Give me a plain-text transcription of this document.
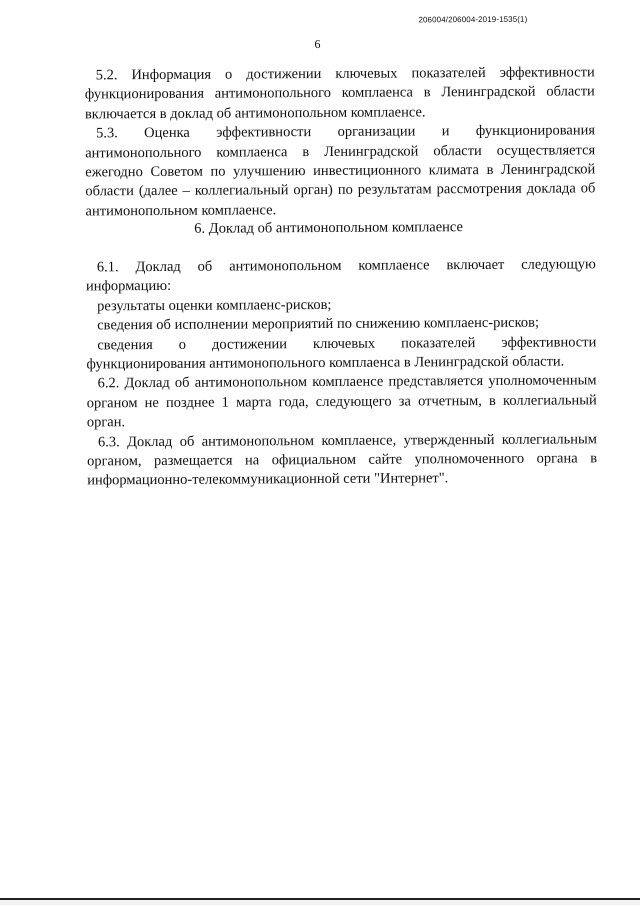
206004/206004-2019-1535(1)
6

5.2. Информация о достижении ключевых показателей эффективности функционирования антимонопольного комплаенса в Ленинградской области включается в доклад об антимонопольном комплаенсе.

5.3. Оценка эффективности организации и функционирования антимонопольного комплаенса в Ленинградской области осуществляется ежегодно Советом по улучшению инвестиционного климата в Ленинградской области (далее – коллегиальный орган) по результатам рассмотрения доклада об антимонопольном комплаенсе.

6. Доклад об антимонопольном комплаенсе

6.1. Доклад об антимонопольном комплаенсе включает следующую информацию:

результаты оценки комплаенс-рисков;

сведения об исполнении мероприятий по снижению комплаенс-рисков;

сведения о достижении ключевых показателей эффективности функционирования антимонопольного комплаенса в Ленинградской области.

6.2. Доклад об антимонопольном комплаенсе представляется уполномоченным органом не позднее 1 марта года, следующего за отчетным, в коллегиальный орган.

6.3. Доклад об антимонопольном комплаенсе, утвержденный коллегиальным органом, размещается на официальном сайте уполномоченного органа в информационно-телекоммуникационной сети "Интернет".
